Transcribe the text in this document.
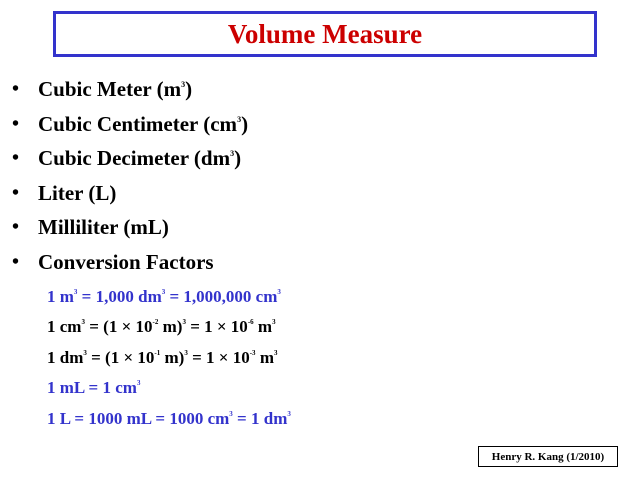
Volume Measure
• Cubic Meter $(m^3)$
• Cubic Centimeter $(cm^3)$
• Cubic Decimeter $(dm^3)$
• Liter (L)
• Milliliter (mL)
• Conversion Factors
1 $m^3 = 1,000$ $dm^3 = 1,000,000$ $cm^3$
1 $cm^3 = (1 \times 10^{-2}$ $m)^3 = 1 \times 10^{-6}$ $m^3$
1 $dm^3 = (1 \times 10^{-1}$ $m)^3 = 1 \times 10^{-3}$ $m^3$
1 mL = 1 $cm^3$
1 L = 1000 mL = 1000 $cm^3 = 1$ $dm^3$
Henry R. Kang (1/2010)
